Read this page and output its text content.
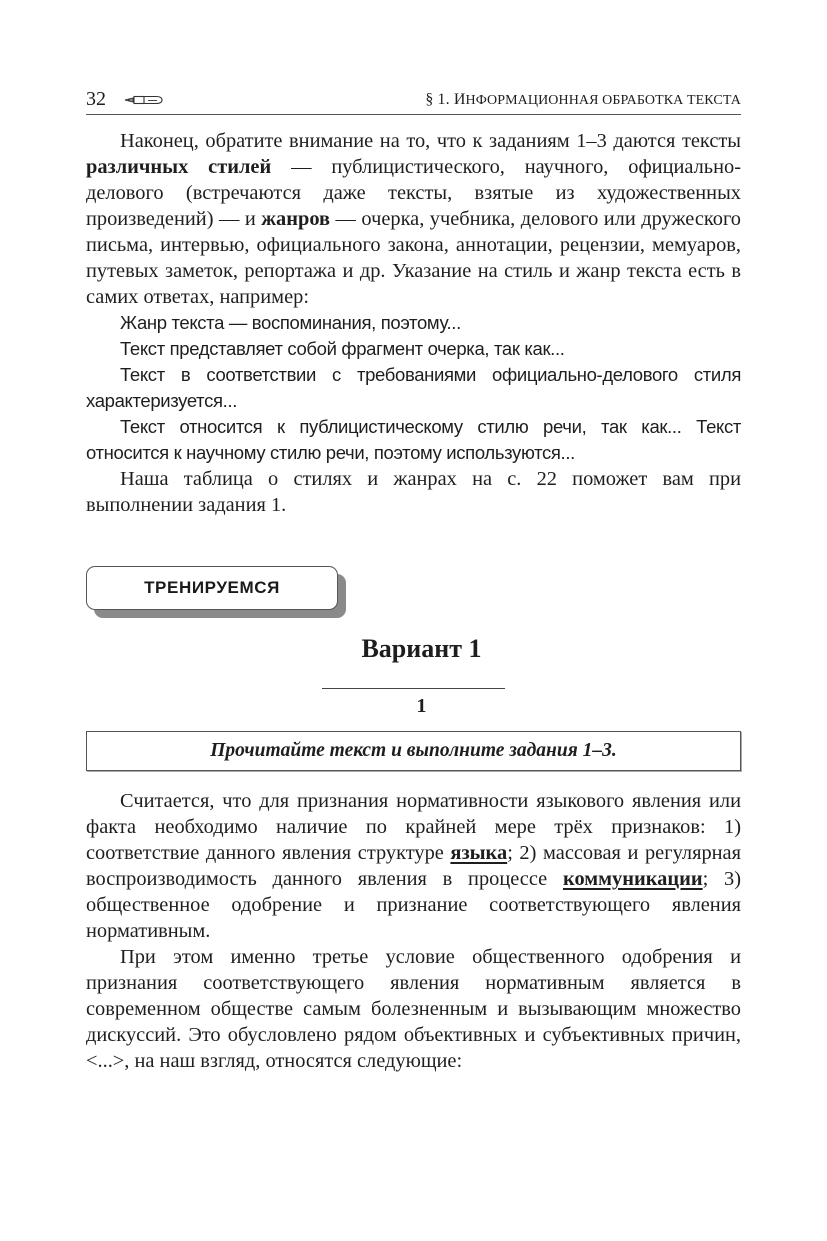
32	§ 1. ИНФОРМАЦИОННАЯ ОБРАБОТКА ТЕКСТА

Наконец, обратите внимание на то, что к заданиям 1–3 даются тексты различных стилей — публицистического, научного, официально-делового (встречаются даже тексты, взятые из художественных произведений) — и жанров — очерка, учебника, делового или дружеского письма, интервью, официального закона, аннотации, рецензии, мемуаров, путевых заметок, репортажа и др. Указание на стиль и жанр текста есть в самих ответах, например:

Жанр текста — воспоминания, поэтому...

Текст представляет собой фрагмент очерка, так как...

Текст в соответствии с требованиями официально-делового стиля характеризуется...

Текст относится к публицистическому стилю речи, так как... Текст относится к научному стилю речи, поэтому используются...

Наша таблица о стилях и жанрах на с. 22 поможет вам при выполнении задания 1.

ТРЕНИРУЕМСЯ
Вариант 1
1
Прочитайте текст и выполните задания 1–3.

Считается, что для признания нормативности языкового явления или факта необходимо наличие по крайней мере трёх признаков: 1) соответствие данного явления структуре языка; 2) массовая и регулярная воспроизводимость данного явления в процессе коммуникации; 3) общественное одобрение и признание соответствующего явления нормативным.

При этом именно третье условие общественного одобрения и признания соответствующего явления нормативным является в современном обществе самым болезненным и вызывающим множество дискуссий. Это обусловлено рядом объективных и субъективных причин, <...>, на наш взгляд, относятся следующие:
